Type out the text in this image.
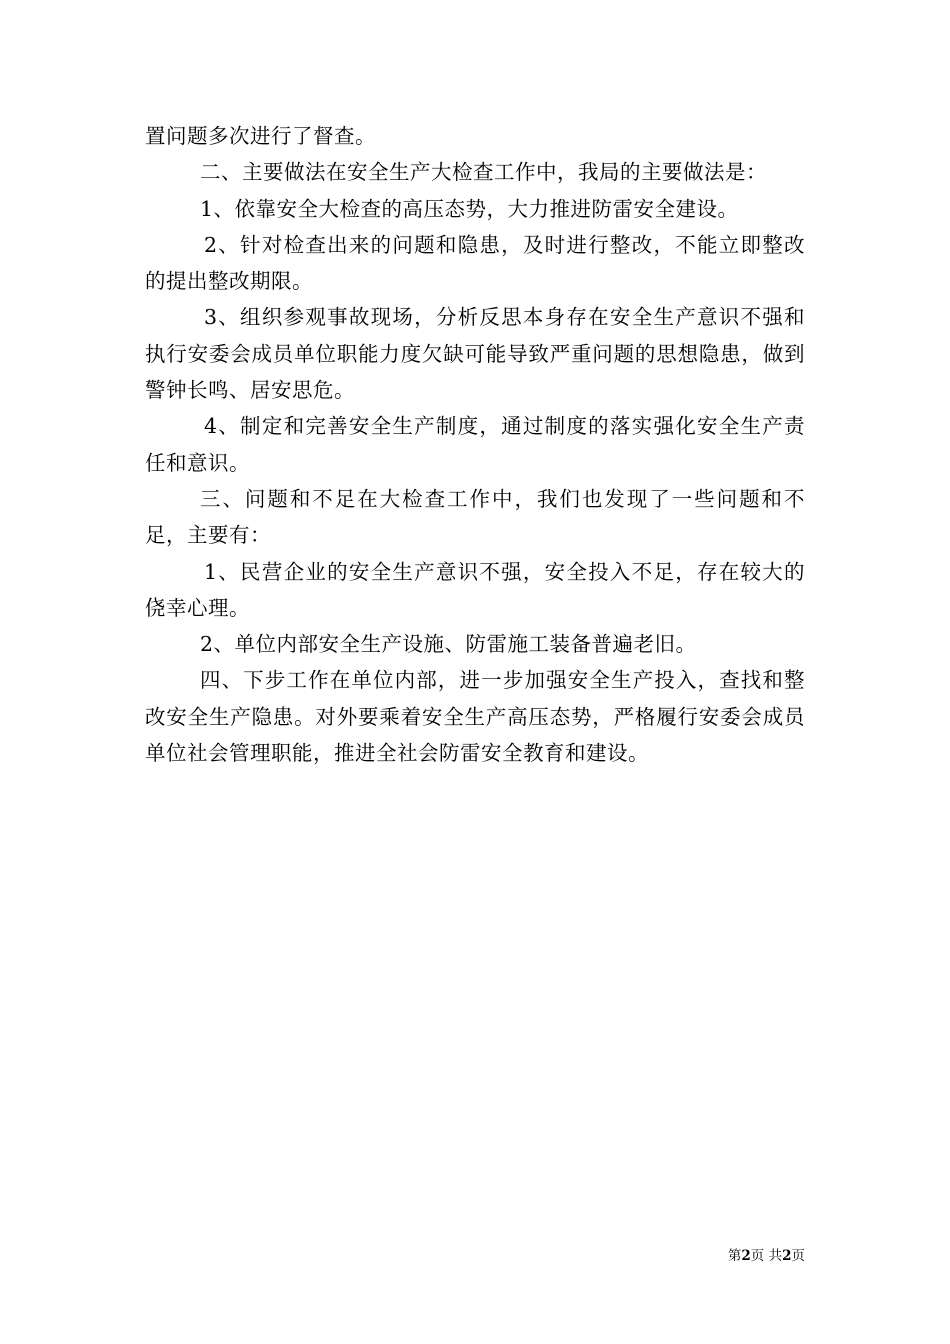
置问题多次进行了督查。

二、主要做法在安全生产大检查工作中，我局的主要做法是：

1、依靠安全大检查的高压态势，大力推进防雷安全建设。

2、针对检查出来的问题和隐患，及时进行整改，不能立即整改的提出整改期限。

3、组织参观事故现场，分析反思本身存在安全生产意识不强和执行安委会成员单位职能力度欠缺可能导致严重问题的思想隐患，做到警钟长鸣、居安思危。

4、制定和完善安全生产制度，通过制度的落实强化安全生产责任和意识。

三、问题和不足在大检查工作中，我们也发现了一些问题和不足，主要有：

1、民营企业的安全生产意识不强，安全投入不足，存在较大的侥幸心理。

2、单位内部安全生产设施、防雷施工装备普遍老旧。

四、下步工作在单位内部，进一步加强安全生产投入，查找和整改安全生产隐患。对外要乘着安全生产高压态势，严格履行安委会成员单位社会管理职能，推进全社会防雷安全教育和建设。

第2页 共2页
